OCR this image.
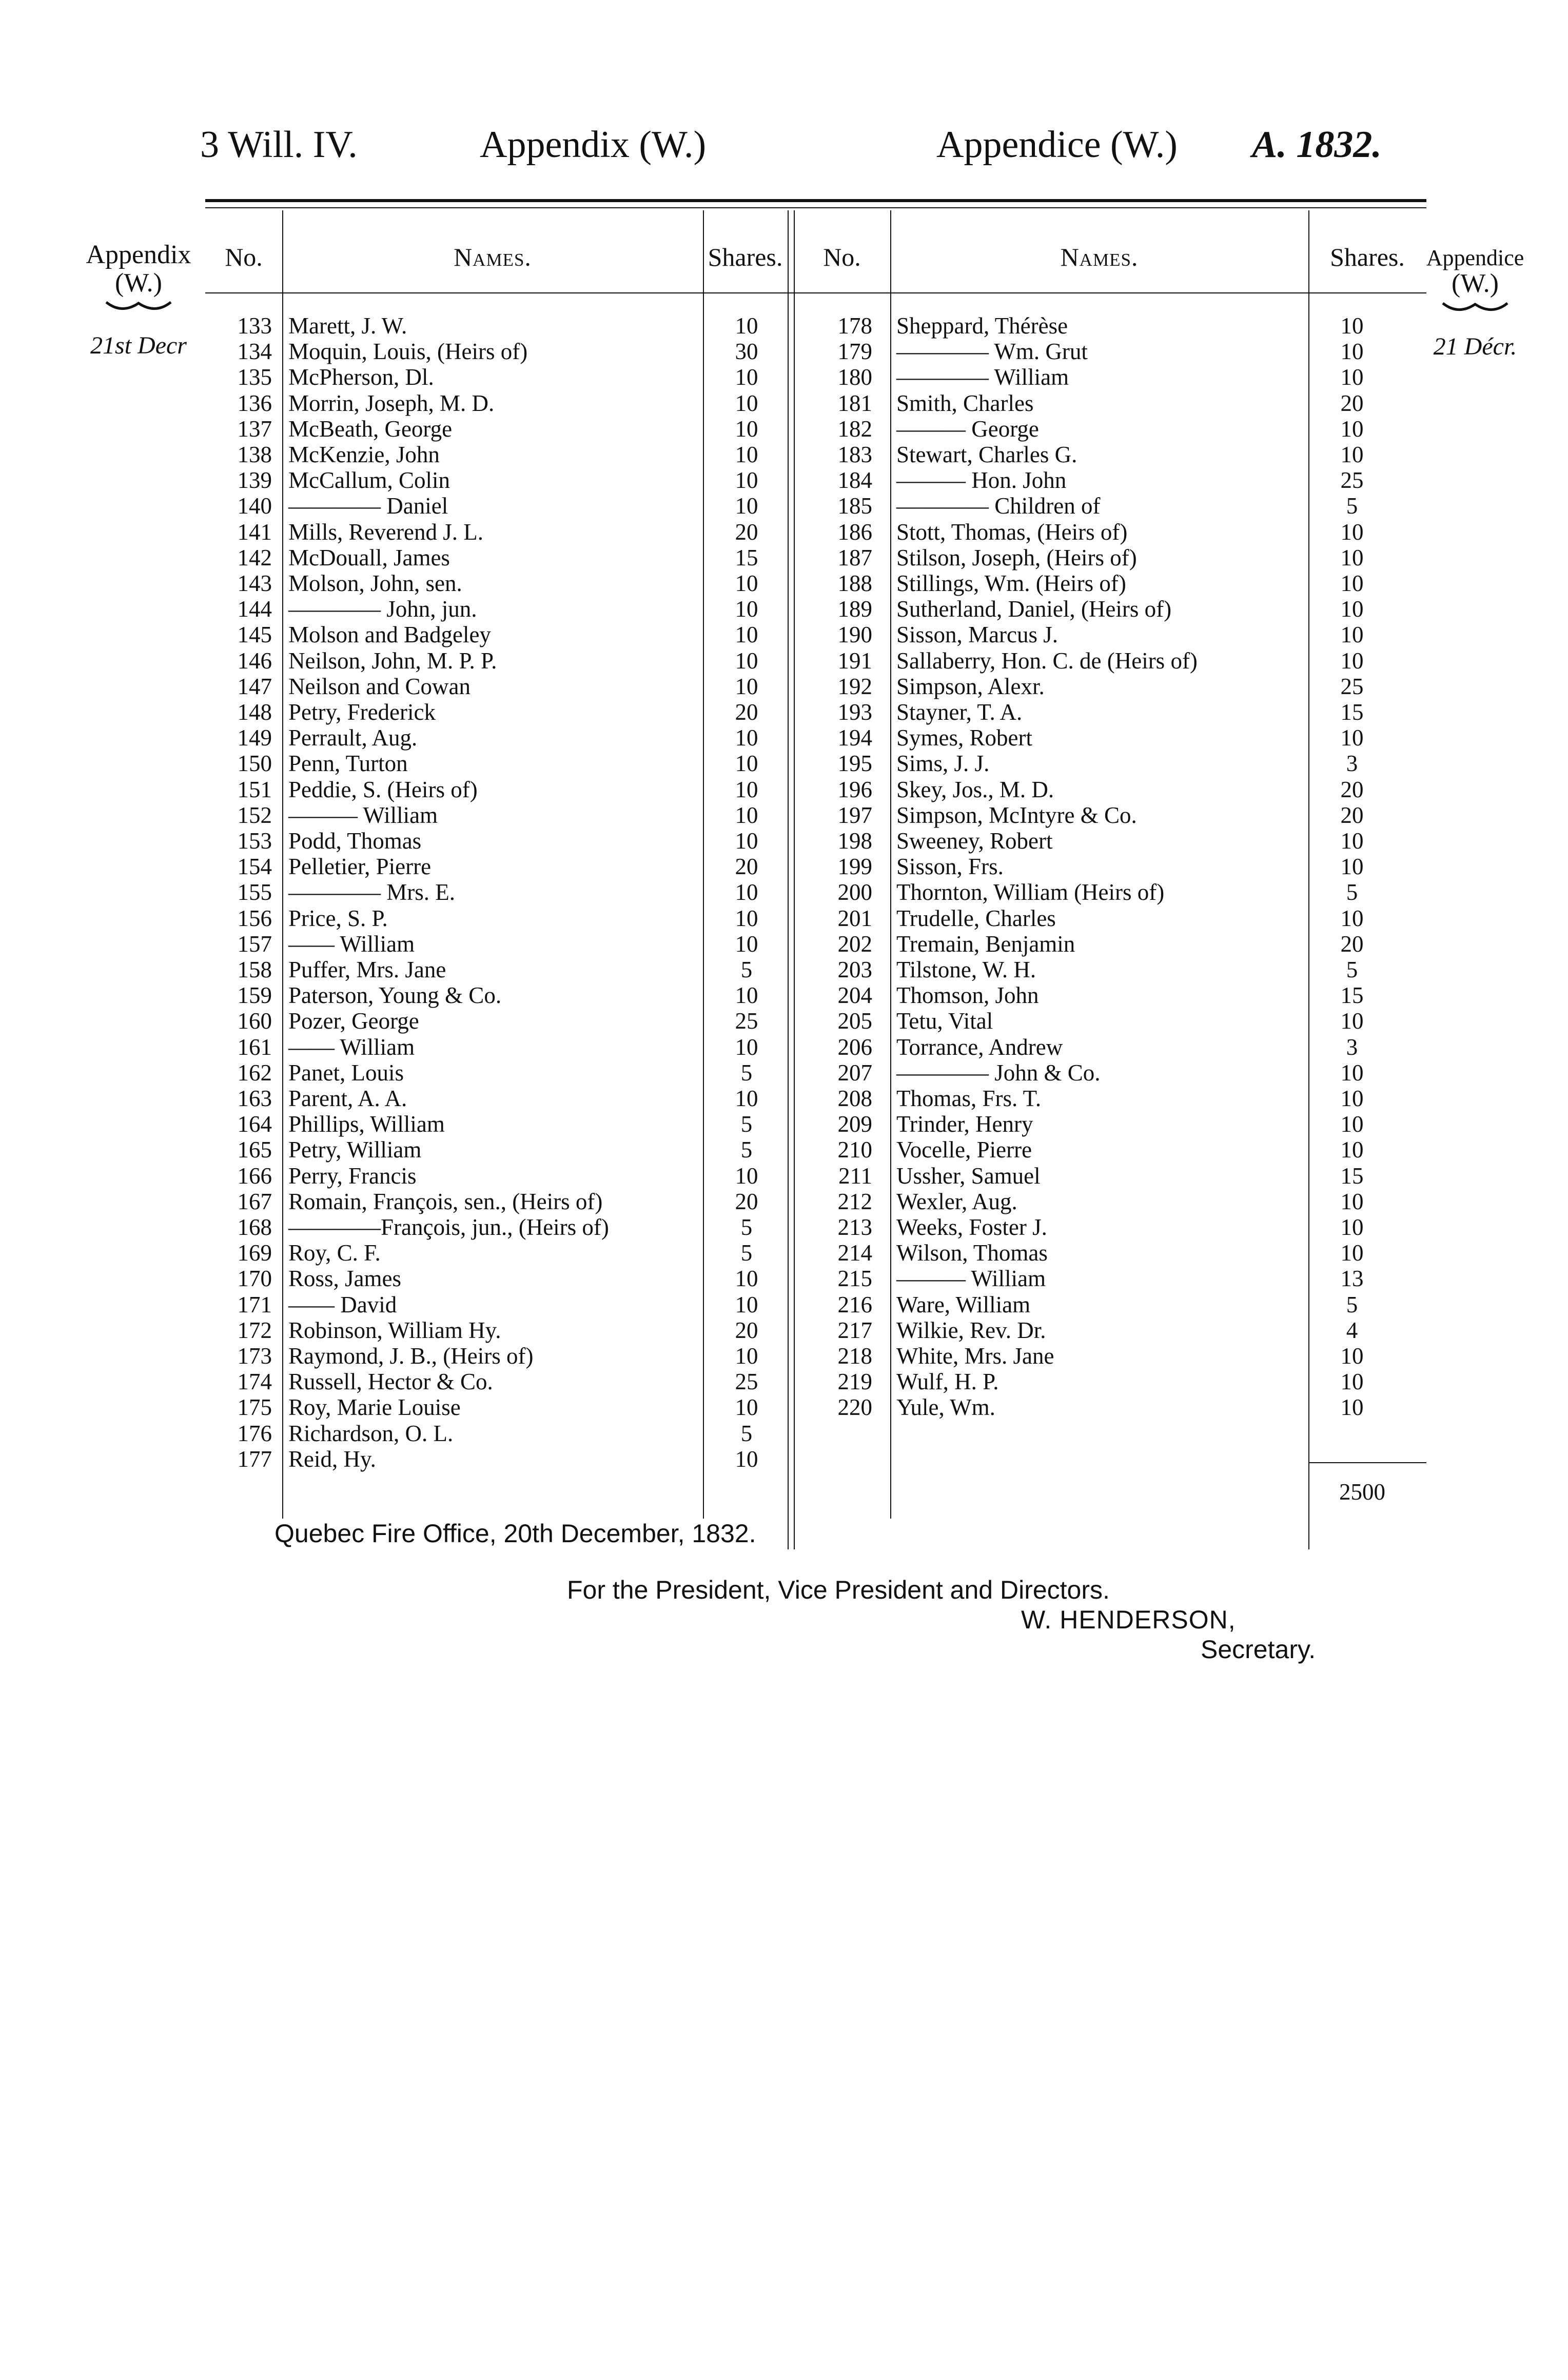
3 Will. IV.	Appendix (W.)	Appendice (W.) A. 1832.
Appendix
(W.)
21st Decr
Appendice
(W.)
21 Décr.
No.	Names.	Shares.	No.	Names.	Shares.
133 Marett, J. W.	10
134 Moquin, Louis, (Heirs of)	30
135 McPherson, Dl.	10
136 Morrin, Joseph, M. D.	10
137 McBeath, George	10
138 McKenzie, John	10
139 McCallum, Colin	10
140 ———— Daniel	10
141 Mills, Reverend J. L.	20
142 McDouall, James	15
143 Molson, John, sen.	10
144 ———— John, jun.	10
145 Molson and Badgeley	10
146 Neilson, John, M. P. P.	10
147 Neilson and Cowan	10
148 Petry, Frederick	20
149 Perrault, Aug.	10
150 Penn, Turton	10
151 Peddie, S. (Heirs of)	10
152 ——— William	10
153 Podd, Thomas	10
154 Pelletier, Pierre	20
155 ———— Mrs. E.	10
156 Price, S. P.	10
157 —— William	10
158 Puffer, Mrs. Jane	5
159 Paterson, Young & Co.	10
160 Pozer, George	25
161 —— William	10
162 Panet, Louis	5
163 Parent, A. A.	10
164 Phillips, William	5
165 Petry, William	5
166 Perry, Francis	10
167 Romain, François, sen., (Heirs of)	20
168 ————François, jun., (Heirs of)	5
169 Roy, C. F.	5
170 Ross, James	10
171 —— David	10
172 Robinson, William Hy.	20
173 Raymond, J. B., (Heirs of)	10
174 Russell, Hector & Co.	25
175 Roy, Marie Louise	10
176 Richardson, O. L.	5
177 Reid, Hy.	10
178 Sheppard, Thérèse	10
179 ———— Wm. Grut	10
180 ———— William	10
181 Smith, Charles	20
182 ——— George	10
183 Stewart, Charles G.	10
184 ——— Hon. John	25
185 ———— Children of	5
186 Stott, Thomas, (Heirs of)	10
187 Stilson, Joseph, (Heirs of)	10
188 Stillings, Wm. (Heirs of)	10
189 Sutherland, Daniel, (Heirs of)	10
190 Sisson, Marcus J.	10
191 Sallaberry, Hon. C. de (Heirs of)	10
192 Simpson, Alexr.	25
193 Stayner, T. A.	15
194 Symes, Robert	10
195 Sims, J. J.	3
196 Skey, Jos., M. D.	20
197 Simpson, McIntyre & Co.	20
198 Sweeney, Robert	10
199 Sisson, Frs.	10
200 Thornton, William (Heirs of)	5
201 Trudelle, Charles	10
202 Tremain, Benjamin	20
203 Tilstone, W. H.	5
204 Thomson, John	15
205 Tetu, Vital	10
206 Torrance, Andrew	3
207 ———— John & Co.	10
208 Thomas, Frs. T.	10
209 Trinder, Henry	10
210 Vocelle, Pierre	10
211 Ussher, Samuel	15
212 Wexler, Aug.	10
213 Weeks, Foster J.	10
214 Wilson, Thomas	10
215 ——— William	13
216 Ware, William	5
217 Wilkie, Rev. Dr.	4
218 White, Mrs. Jane	10
219 Wulf, H. P.	10
220 Yule, Wm.	10
2500
Quebec Fire Office, 20th December, 1832.
For the President, Vice President and Directors.
W. HENDERSON,
Secretary.
